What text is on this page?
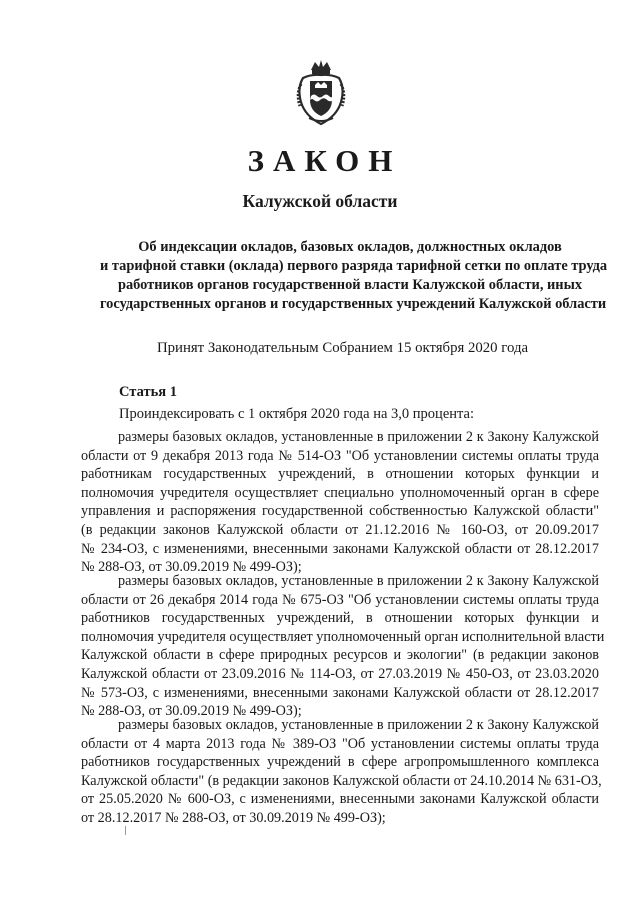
ЗАКОН
Калужской области
Об индексации окладов, базовых окладов, должностных окладов
и тарифной ставки (оклада) первого разряда тарифной сетки по оплате труда
работников органов государственной власти Калужской области, иных
государственных органов и государственных учреждений Калужской области
Принят Законодательным Собранием 15 октября 2020 года
Статья 1
Проиндексировать с 1 октября 2020 года на 3,0 процента:
размеры базовых окладов, установленные в приложении 2 к Закону Калужской
области от 9 декабря 2013 года № 514-ОЗ "Об установлении системы оплаты труда
работникам государственных учреждений, в отношении которых функции и
полномочия учредителя осуществляет специально уполномоченный орган в сфере
управления и распоряжения государственной собственностью Калужской области"
(в редакции законов Калужской области от 21.12.2016 № 160-ОЗ, от 20.09.2017
№ 234-ОЗ, с изменениями, внесенными законами Калужской области от 28.12.2017
№ 288-ОЗ, от 30.09.2019 № 499-ОЗ);
размеры базовых окладов, установленные в приложении 2 к Закону Калужской
области от 26 декабря 2014 года № 675-ОЗ "Об установлении системы оплаты труда
работников государственных учреждений, в отношении которых функции и
полномочия учредителя осуществляет уполномоченный орган исполнительной власти
Калужской области в сфере природных ресурсов и экологии" (в редакции законов
Калужской области от 23.09.2016 № 114-ОЗ, от 27.03.2019 № 450-ОЗ, от 23.03.2020
№ 573-ОЗ, с изменениями, внесенными законами Калужской области от 28.12.2017
№ 288-ОЗ, от 30.09.2019 № 499-ОЗ);
размеры базовых окладов, установленные в приложении 2 к Закону Калужской
области от 4 марта 2013 года № 389-ОЗ "Об установлении системы оплаты труда
работников государственных учреждений в сфере агропромышленного комплекса
Калужской области" (в редакции законов Калужской области от 24.10.2014 № 631-ОЗ,
от 25.05.2020 № 600-ОЗ, с изменениями, внесенными законами Калужской области
от 28.12.2017 № 288-ОЗ, от 30.09.2019 № 499-ОЗ);
